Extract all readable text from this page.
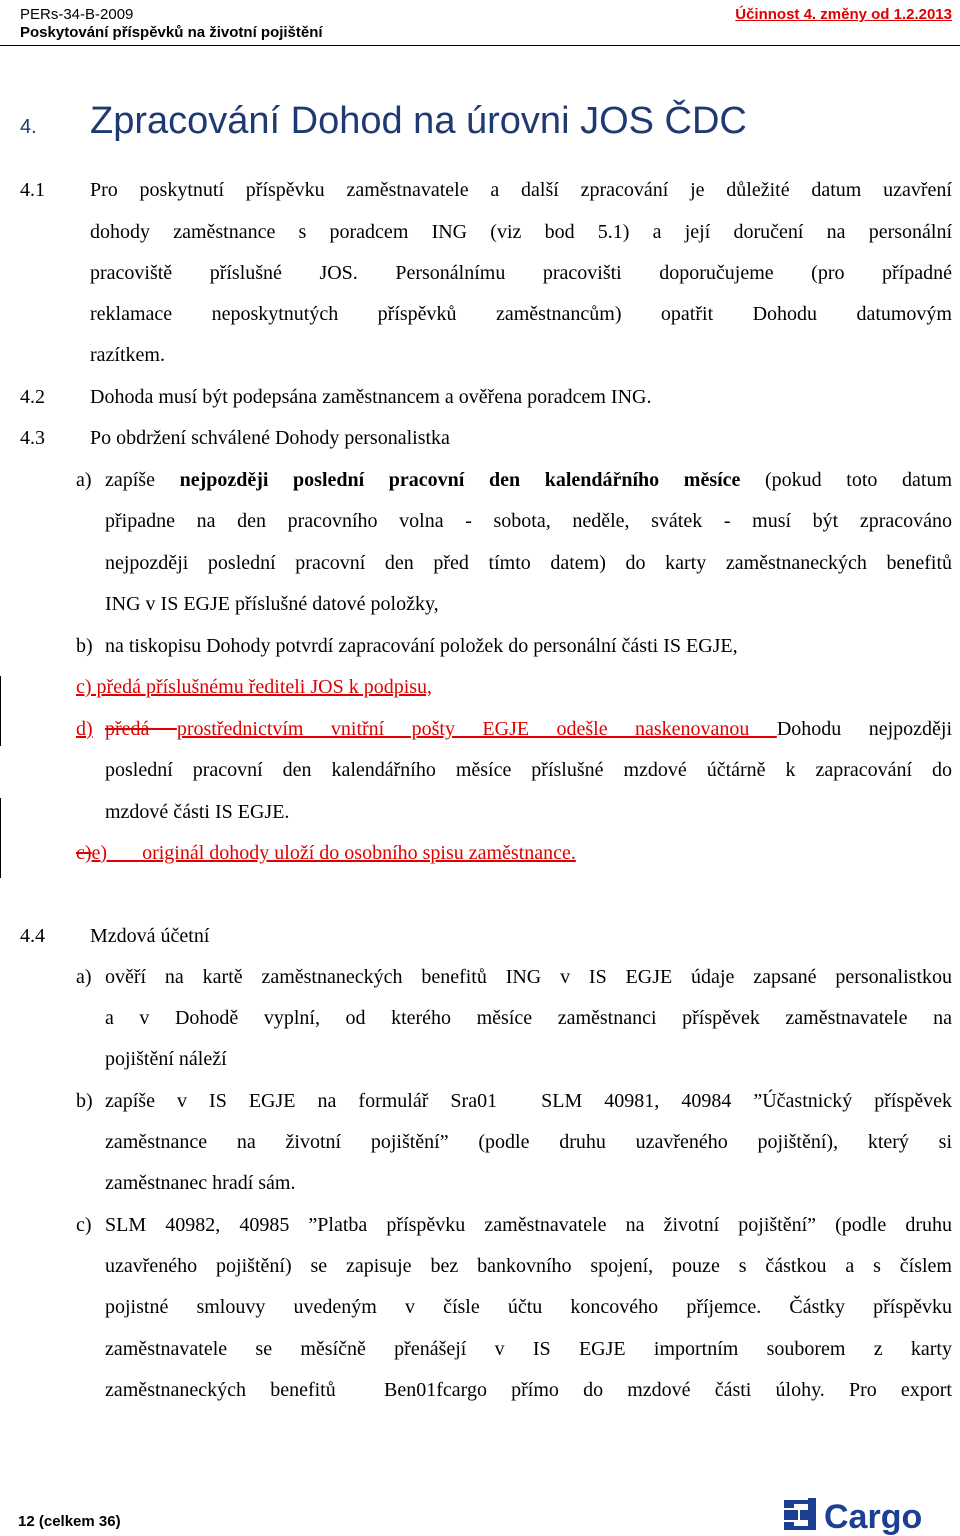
PERs-34-B-2009
Poskytování příspěvků na životní pojištění
Účinnost 4. změny od 1.2.2013
4. Zpracování Dohod na úrovni JOS ČDC
4.1 Pro poskytnutí příspěvku zaměstnavatele a další zpracování je důležité datum uzavření
dohody zaměstnance s poradcem ING (viz bod 5.1) a její doručení na personální
pracoviště příslušné JOS. Personálnímu pracovišti doporučujeme (pro případné
reklamace neposkytnutých příspěvků zaměstnancům) opatřit Dohodu datumovým
razítkem.
4.2 Dohoda musí být podepsána zaměstnancem a ověřena poradcem ING.
4.3 Po obdržení schválené Dohody personalistka
a) zapíše nejpozději poslední pracovní den kalendářního měsíce (pokud toto datum
připadne na den pracovního volna - sobota, neděle, svátek - musí být zpracováno
nejpozději poslední pracovní den před tímto datem) do karty zaměstnaneckých benefitů
ING v IS EGJE příslušné datové položky,
b) na tiskopisu Dohody potvrdí zapracování položek do personální části IS EGJE,
c) předá příslušnému řediteli JOS k podpisu,
d) předá prostřednictvím vnitřní pošty EGJE odešle naskenovanou Dohodu nejpozději
poslední pracovní den kalendářního měsíce příslušné mzdové účtárně k zapracování do
mzdové části IS EGJE.
c)e)       originál dohody uloží do osobního spisu zaměstnance.
4.4 Mzdová účetní
a) ověří na kartě zaměstnaneckých benefitů ING v IS EGJE údaje zapsané personalistkou
a v Dohodě vyplní, od kterého měsíce zaměstnanci příspěvek zaměstnavatele na
pojištění náleží
b) zapíše v IS EGJE na formulář Sra01  SLM 40981, 40984 ”Účastnický příspěvek
zaměstnance na životní pojištění” (podle druhu uzavřeného pojištění), který si
zaměstnanec hradí sám.
c) SLM 40982, 40985 ”Platba příspěvku zaměstnavatele na životní pojištění” (podle druhu
uzavřeného pojištění) se zapisuje bez bankovního spojení, pouze s částkou a s číslem
pojistné smlouvy uvedeným v čísle účtu koncového příjemce. Částky příspěvku
zaměstnavatele se měsíčně přenášejí v IS EGJE importním souborem z karty
zaměstnaneckých benefitů  Ben01fcargo přímo do mzdové části úlohy. Pro export
12 (celkem 36)	Cargo
